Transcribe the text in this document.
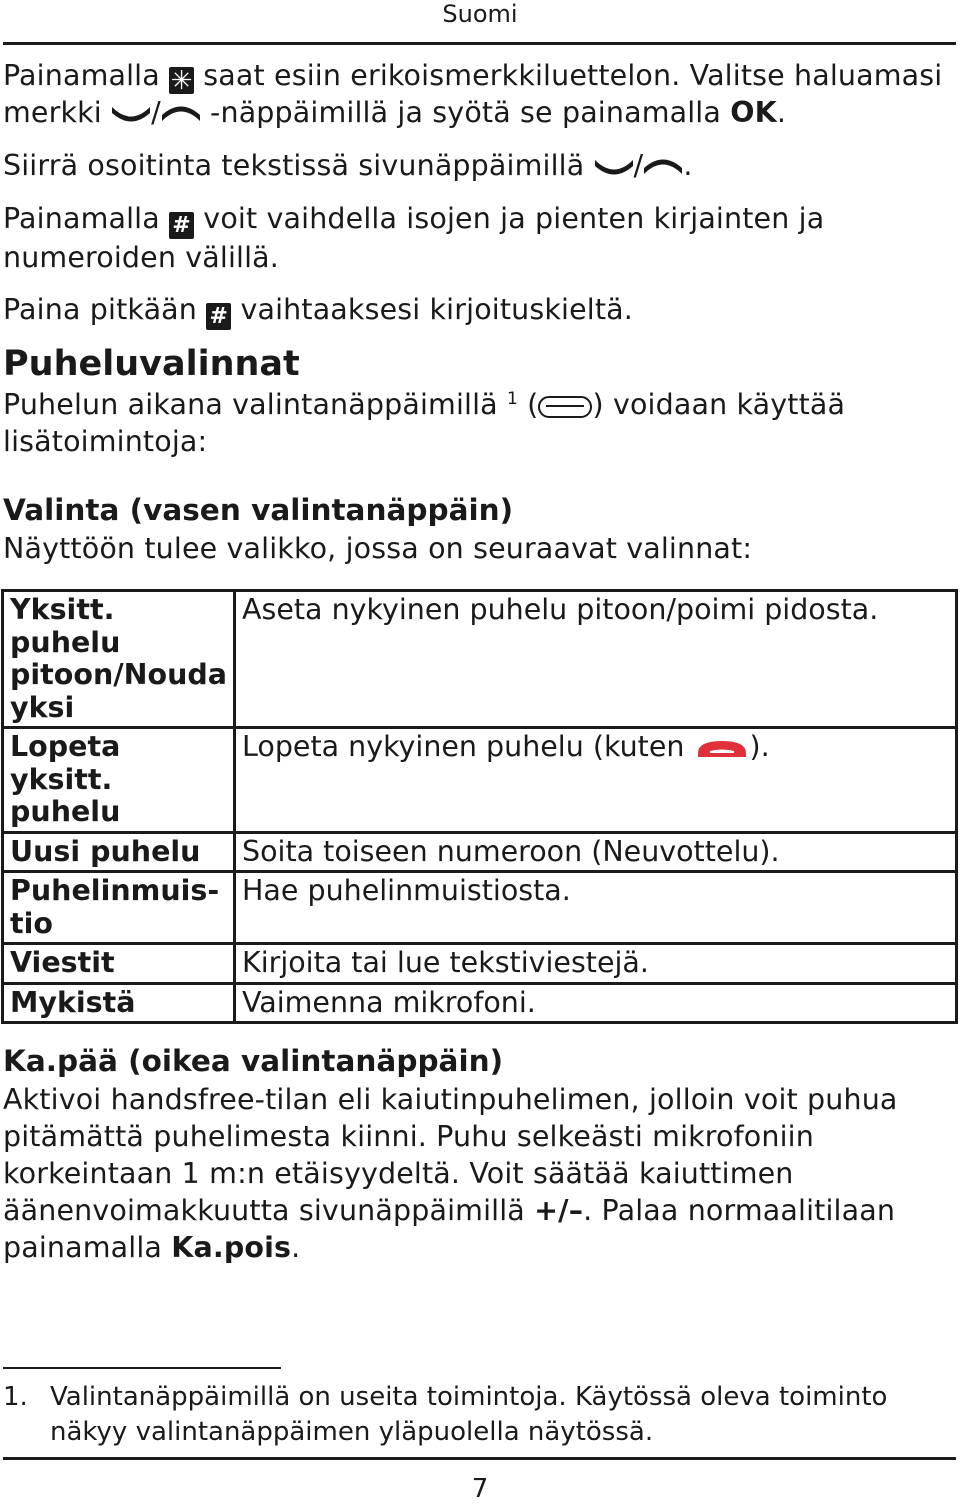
Suomi

Painamalla ✳ saat esiin erikoismerkkiluettelon. Valitse haluamasi merkki / -näppäimillä ja syötä se painamalla OK.

Siirrä osoitinta tekstissä sivunäppäimillä / .

Painamalla # voit vaihdella isojen ja pienten kirjainten ja numeroiden välillä.

Paina pitkään # vaihtaaksesi kirjoituskieltä.

Puheluvalinnat

Puhelun aikana valintanäppäimillä $^1$ ( ) voidaan käyttää lisätoimintoja:

Valinta (vasen valintanäppäin)

Näyttöön tulee valikko, jossa on seuraavat valinnat:

Yksitt. puhelu pitoon/Nouda yksi	Aseta nykyinen puhelu pitoon/poimi pidosta.
Lopeta yksitt. puhelu	Lopeta nykyinen puhelu (kuten ).
Uusi puhelu	Soita toiseen numeroon (Neuvottelu).
Puhelinmuis-tio	Hae puhelinmuistiosta.
Viestit	Kirjoita tai lue tekstiviestejä.
Mykistä	Vaimenna mikrofoni.
Ka.pää (oikea valintanäppäin)

Aktivoi handsfree-tilan eli kaiutinpuhelimen, jolloin voit puhua pitämättä puhelimesta kiinni. Puhu selkeästi mikrofoniin korkeintaan 1 m:n etäisyydeltä. Voit säätää kaiuttimen äänenvoimakkuutta sivunäppäimillä +/–. Palaa normaalitilaan painamalla Ka.pois.

1. Valintanäppäimillä on useita toimintoja. Käytössä oleva toiminto näkyy valintanäppäimen yläpuolella näytössä.

7
